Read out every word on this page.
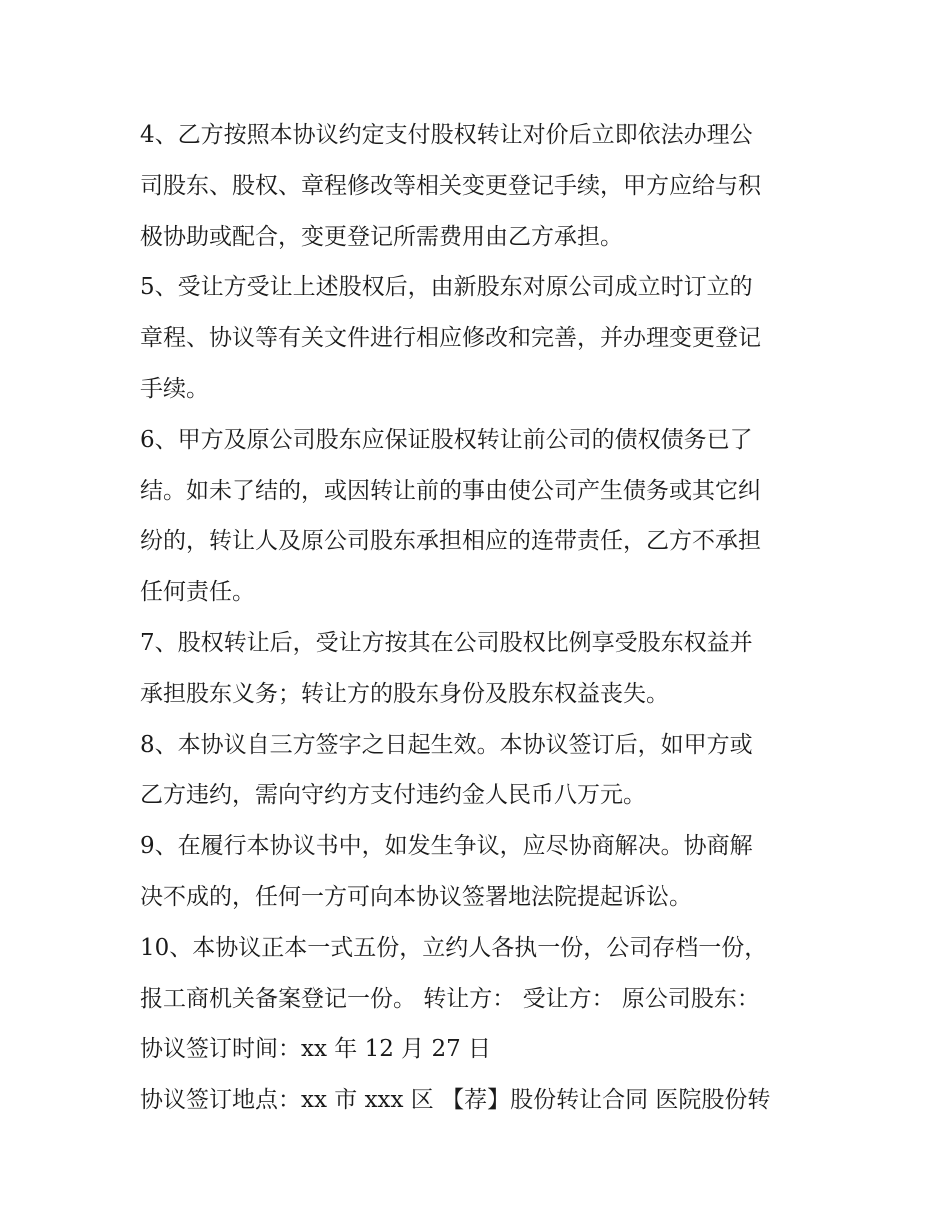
4、乙方按照本协议约定支付股权转让对价后立即依法办理公
司股东、股权、章程修改等相关变更登记手续，甲方应给与积
极协助或配合，变更登记所需费用由乙方承担。
5、受让方受让上述股权后，由新股东对原公司成立时订立的
章程、协议等有关文件进行相应修改和完善，并办理变更登记
手续。
6、甲方及原公司股东应保证股权转让前公司的债权债务已了
结。如未了结的，或因转让前的事由使公司产生债务或其它纠
纷的，转让人及原公司股东承担相应的连带责任，乙方不承担
任何责任。
7、股权转让后，受让方按其在公司股权比例享受股东权益并
承担股东义务；转让方的股东身份及股东权益丧失。
8、本协议自三方签字之日起生效。本协议签订后，如甲方或
乙方违约，需向守约方支付违约金人民币八万元。
9、在履行本协议书中，如发生争议，应尽协商解决。协商解
决不成的，任何一方可向本协议签署地法院提起诉讼。
10、本协议正本一式五份，立约人各执一份，公司存档一份，
报工商机关备案登记一份。 转让方： 受让方： 原公司股东：
协议签订时间：xx 年 12 月 27 日
协议签订地点：xx 市 xxx 区 【荐】股份转让合同 医院股份转
